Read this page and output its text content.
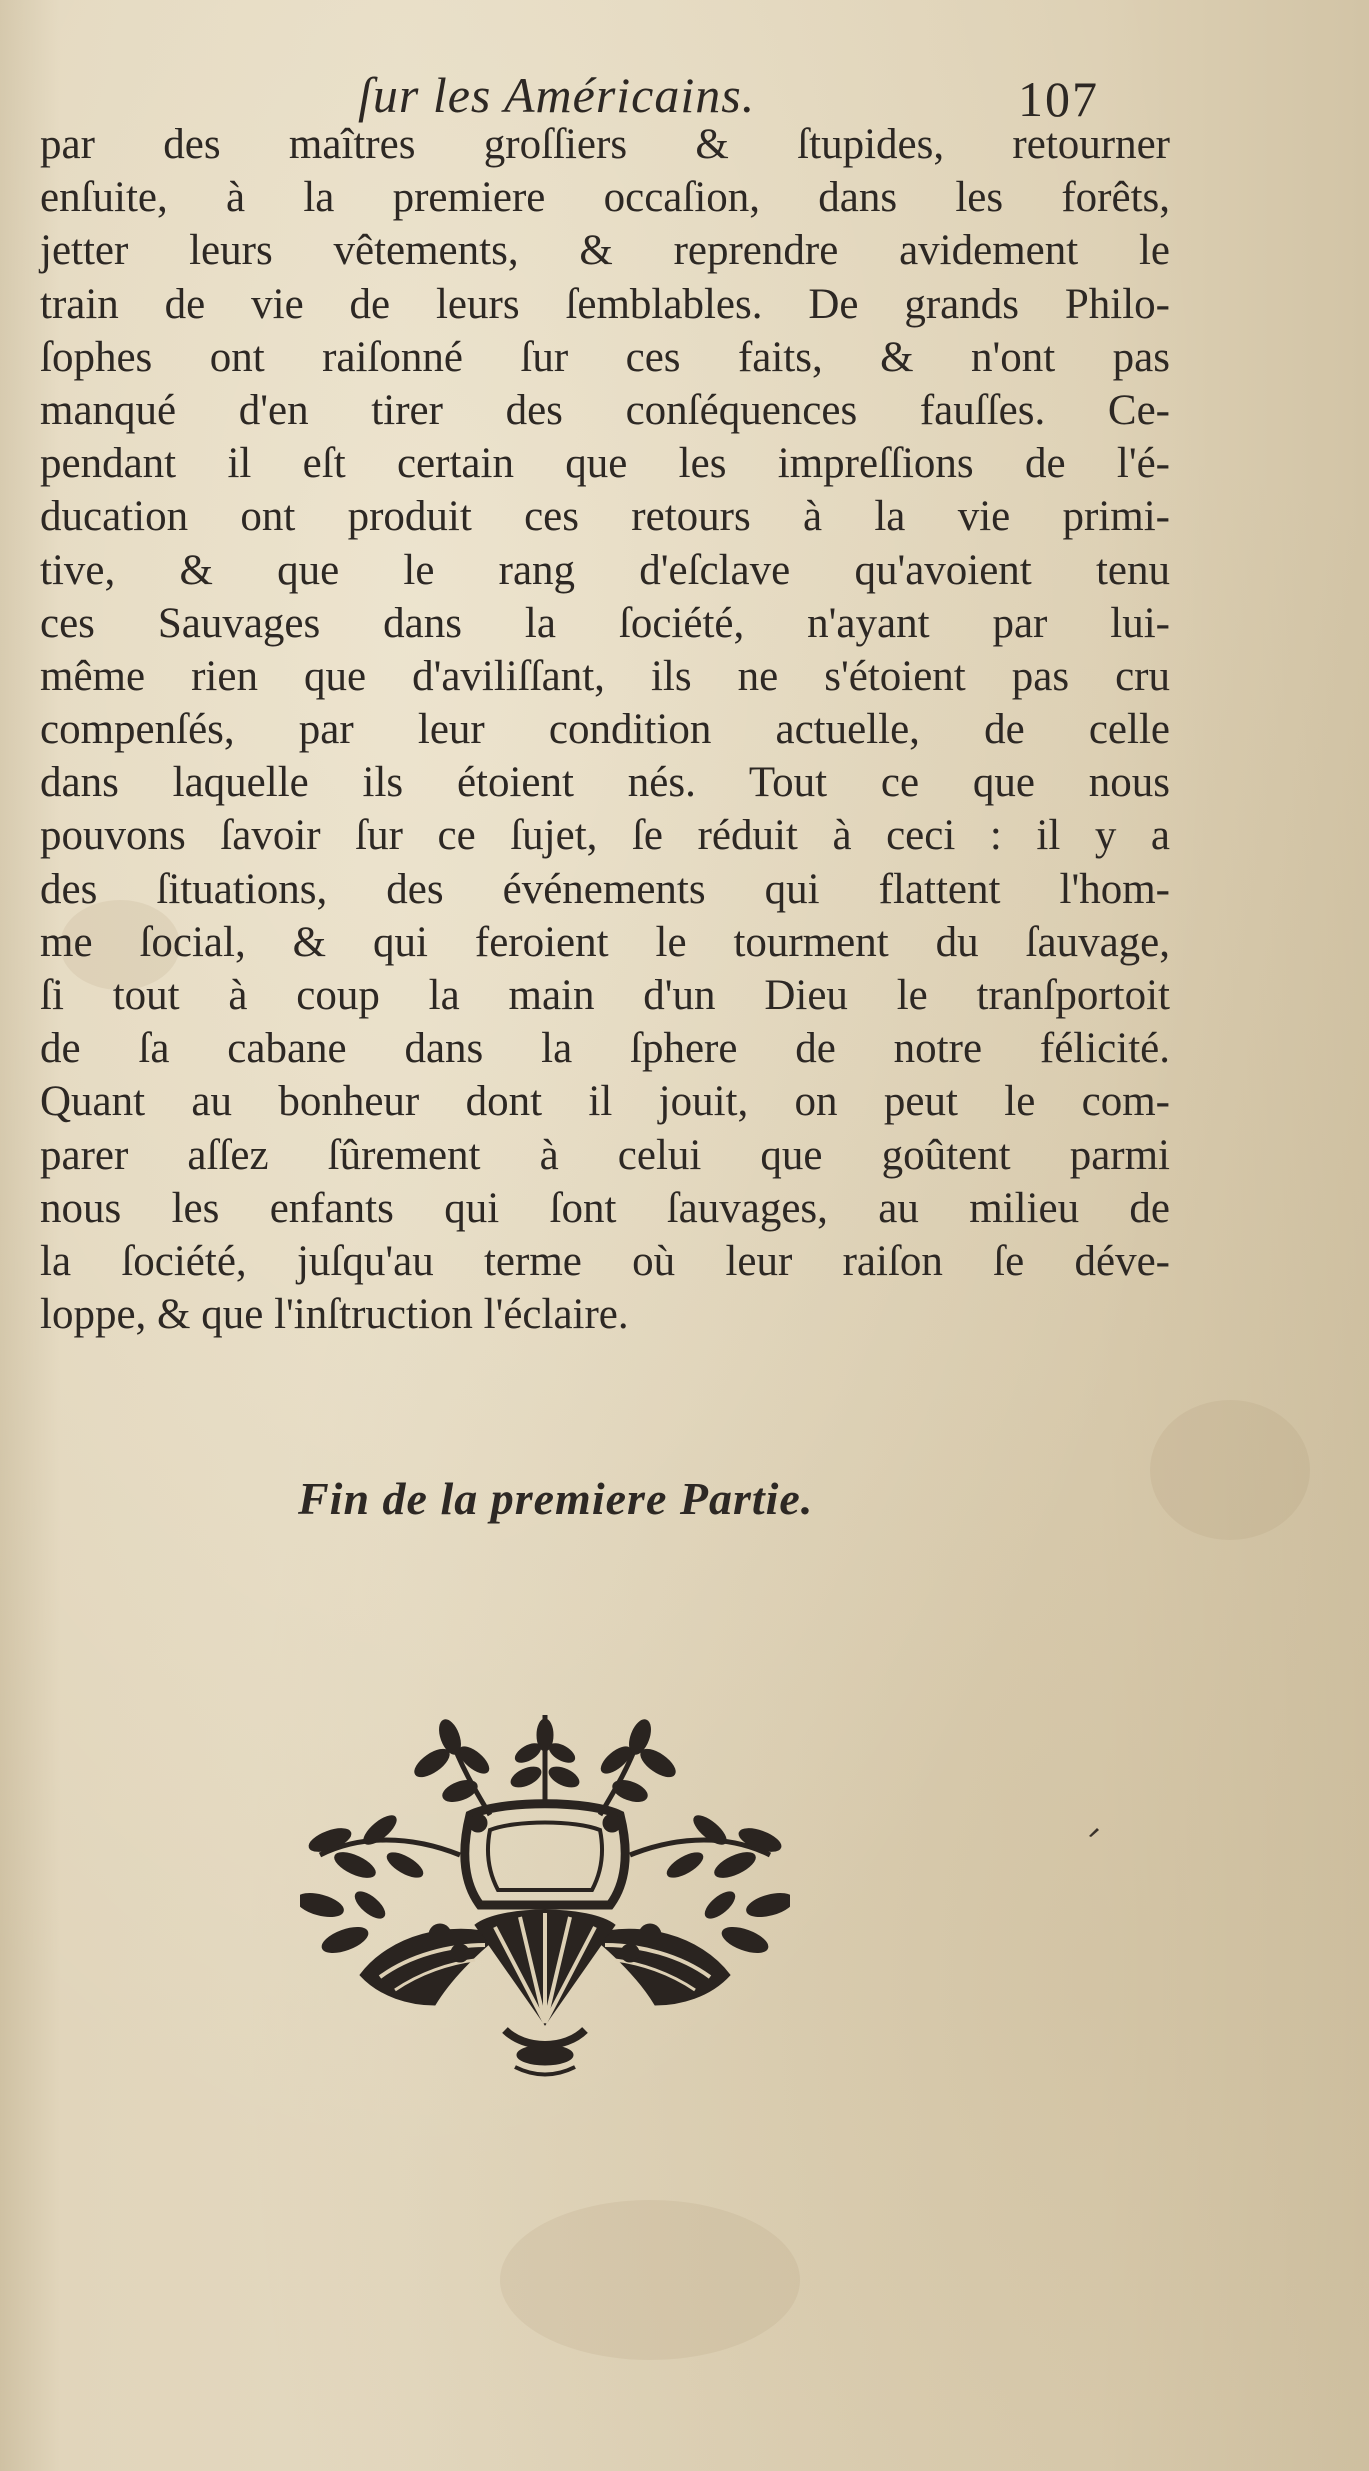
ſur les Américains.	107
par des maîtres groſſiers & ſtupides, retourner
enſuite, à la premiere occaſion, dans les forêts,
jetter leurs vêtements, & reprendre avidement le
train de vie de leurs ſemblables. De grands Philo-
ſophes ont raiſonné ſur ces faits, & n'ont pas
manqué d'en tirer des conſéquences fauſſes. Ce-
pendant il eſt certain que les impreſſions de l'é-
ducation ont produit ces retours à la vie primi-
tive, & que le rang d'eſclave qu'avoient tenu
ces Sauvages dans la ſociété, n'ayant par lui-
même rien que d'aviliſſant, ils ne s'étoient pas cru
compenſés, par leur condition actuelle, de celle
dans laquelle ils étoient nés. Tout ce que nous
pouvons ſavoir ſur ce ſujet, ſe réduit à ceci : il y a
des ſituations, des événements qui flattent l'hom-
me ſocial, & qui feroient le tourment du ſauvage,
ſi tout à coup la main d'un Dieu le tranſportoit
de ſa cabane dans la ſphere de notre félicité.
Quant au bonheur dont il jouit, on peut le com-
parer aſſez ſûrement à celui que goûtent parmi
nous les enfants qui ſont ſauvages, au milieu de
la ſociété, juſqu'au terme où leur raiſon ſe déve-
loppe, & que l'inſtruction l'éclaire.
Fin de la premiere Partie.
